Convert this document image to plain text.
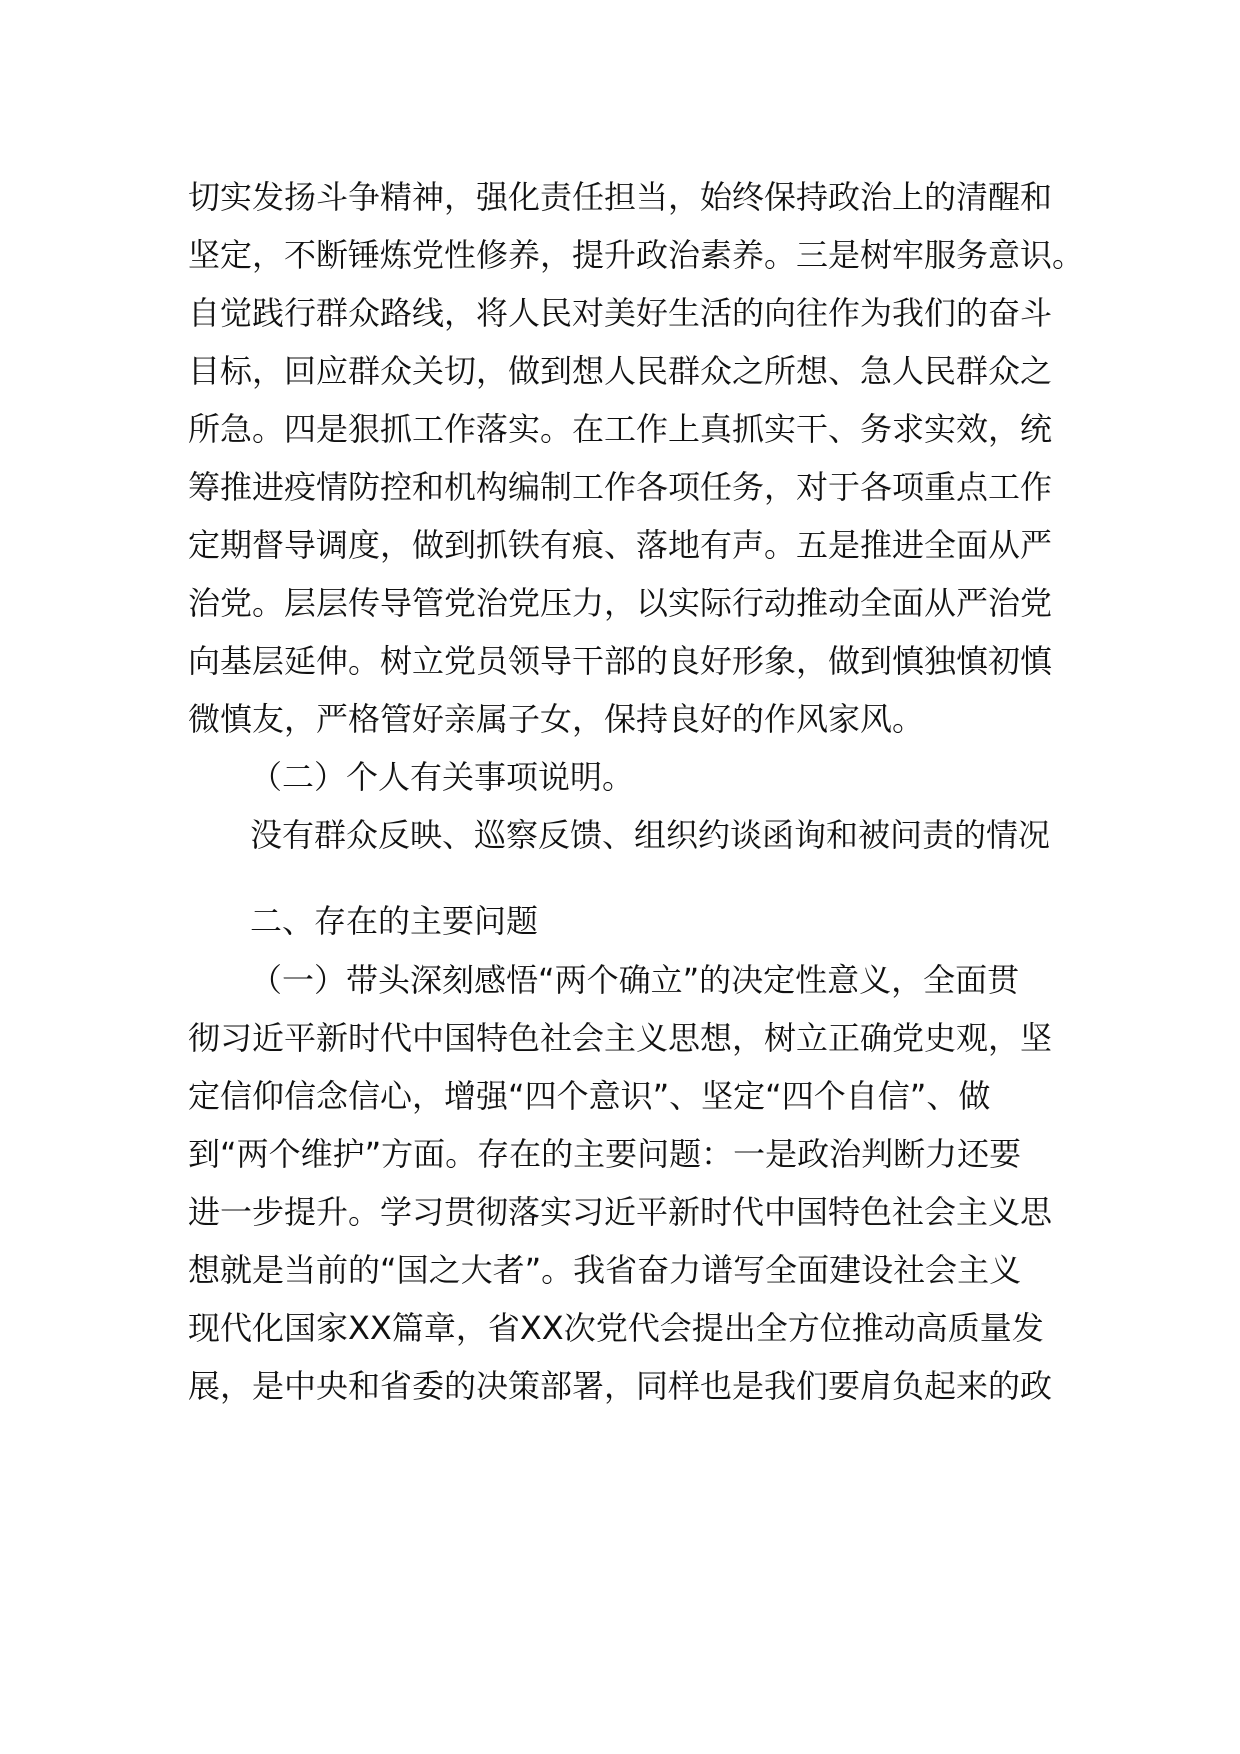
切实发扬斗争精神，强化责任担当，始终保持政治上的清醒和
坚定，不断锤炼党性修养，提升政治素养。三是树牢服务意识。
自觉践行群众路线，将人民对美好生活的向往作为我们的奋斗
目标，回应群众关切，做到想人民群众之所想、急人民群众之
所急。四是狠抓工作落实。在工作上真抓实干、务求实效，统
筹推进疫情防控和机构编制工作各项任务，对于各项重点工作
定期督导调度，做到抓铁有痕、落地有声。五是推进全面从严
治党。层层传导管党治党压力，以实际行动推动全面从严治党
向基层延伸。树立党员领导干部的良好形象，做到慎独慎初慎
微慎友，严格管好亲属子女，保持良好的作风家风。
（二）个人有关事项说明。
没有群众反映、巡察反馈、组织约谈函询和被问责的情况
二、存在的主要问题
（一）带头深刻感悟“两个确立”的决定性意义，全面贯
彻习近平新时代中国特色社会主义思想，树立正确党史观，坚
定信仰信念信心，增强“四个意识”、坚定“四个自信”、做
到“两个维护”方面。存在的主要问题：一是政治判断力还要
进一步提升。学习贯彻落实习近平新时代中国特色社会主义思
想就是当前的“国之大者”。我省奋力谱写全面建设社会主义
现代化国家XX篇章，省XX次党代会提出全方位推动高质量发
展，是中央和省委的决策部署，同样也是我们要肩负起来的政
